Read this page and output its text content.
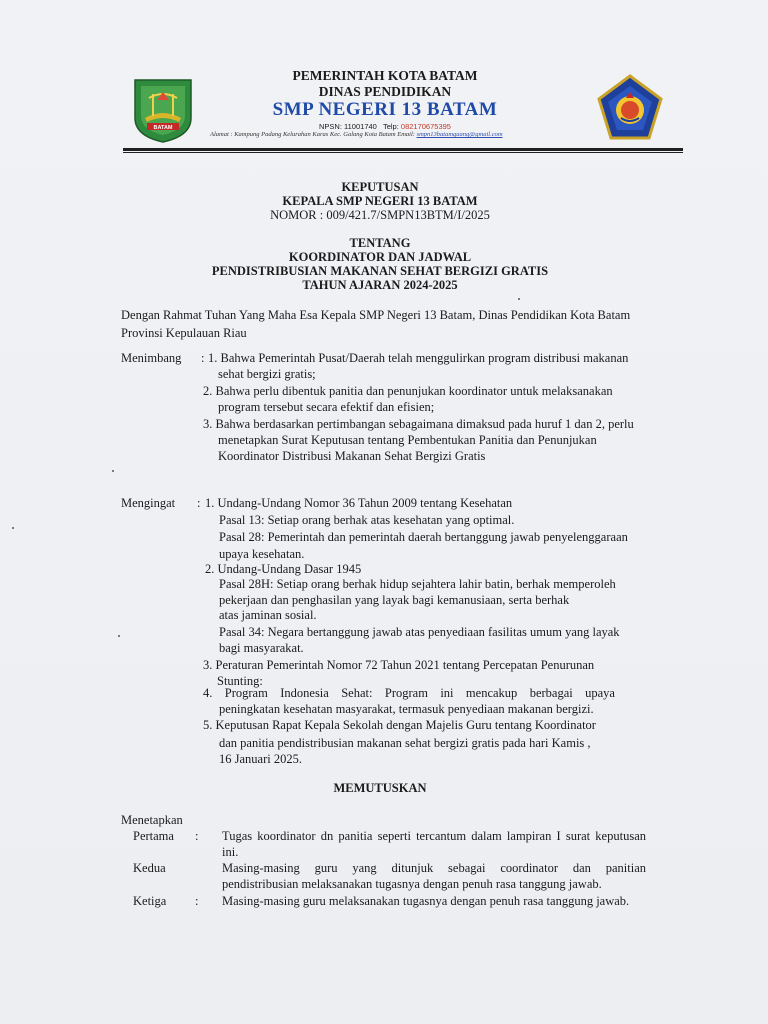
BATAM
PEMERINTAH KOTA BATAM
DINAS PENDIDIKAN
SMP NEGERI 13 BATAM
NPSN: 11001740 Telp: 082170675395
Alamat : Kampung Padang Kelurahan Karas Kec. Galang Kota Batam Email: smpn13batamgaang@gmail.com
KEPUTUSAN
KEPALA SMP NEGERI 13 BATAM
NOMOR : 009/421.7/SMPN13BTM/I/2025
TENTANG
KOORDINATOR DAN JADWAL
PENDISTRIBUSIAN MAKANAN SEHAT BERGIZI GRATIS
TAHUN AJARAN 2024-2025
Dengan Rahmat Tuhan Yang Maha Esa Kepala SMP Negeri 13 Batam, Dinas Pendidikan Kota Batam
Provinsi Kepulauan Riau
Menimbang : 1. Bahwa Pemerintah Pusat/Daerah telah menggulirkan program distribusi makanan
sehat bergizi gratis;
2. Bahwa perlu dibentuk panitia dan penunjukan koordinator untuk melaksanakan
program tersebut secara efektif dan efisien;
3. Bahwa berdasarkan pertimbangan sebagaimana dimaksud pada huruf 1 dan 2, perlu
menetapkan Surat Keputusan tentang Pembentukan Panitia dan Penunjukan
Koordinator Distribusi Makanan Sehat Bergizi Gratis
Mengingat : 1. Undang-Undang Nomor 36 Tahun 2009 tentang Kesehatan
Pasal 13: Setiap orang berhak atas kesehatan yang optimal.
Pasal 28: Pemerintah dan pemerintah daerah bertanggung jawab penyelenggaraan
upaya kesehatan.
2. Undang-Undang Dasar 1945
Pasal 28H: Setiap orang berhak hidup sejahtera lahir batin, berhak memperoleh
pekerjaan dan penghasilan yang layak bagi kemanusiaan, serta berhak
atas jaminan sosial.
Pasal 34: Negara bertanggung jawab atas penyediaan fasilitas umum yang layak
bagi masyarakat.
3. Peraturan Pemerintah Nomor 72 Tahun 2021 tentang Percepatan Penurunan
Stunting:
4. Program Indonesia Sehat: Program ini mencakup berbagai upaya
peningkatan kesehatan masyarakat, termasuk penyediaan makanan bergizi.
5. Keputusan Rapat Kepala Sekolah dengan Majelis Guru tentang Koordinator
dan panitia pendistribusian makanan sehat bergizi gratis pada hari Kamis ,
16 Januari 2025.
MEMUTUSKAN
Menetapkan
Pertama : Tugas koordinator dn panitia seperti tercantum dalam lampiran I surat keputusan
ini.
Kedua	Masing-masing guru yang ditunjuk sebagai coordinator dan panitian
pendistribusian melaksanakan tugasnya dengan penuh rasa tanggung jawab.
Ketiga : Masing-masing guru melaksanakan tugasnya dengan penuh rasa tanggung jawab.
